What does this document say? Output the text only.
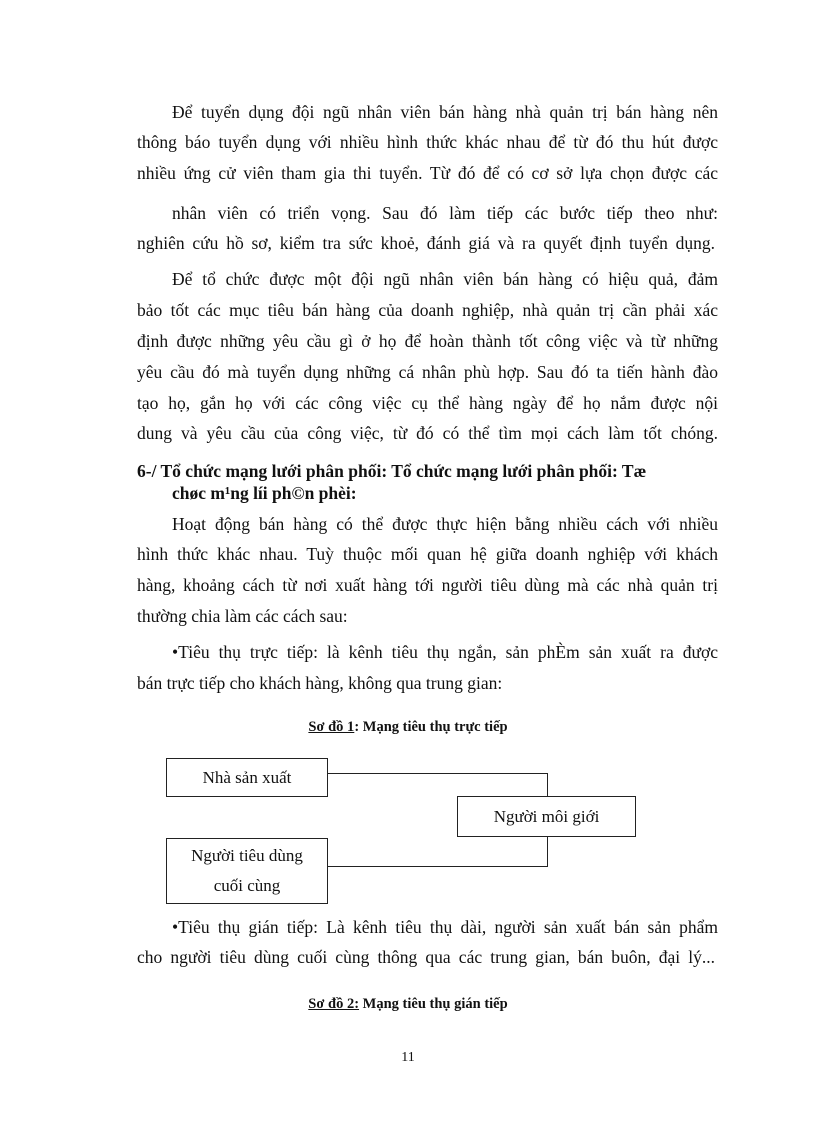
Để tuyển dụng đội ngũ nhân viên bán hàng nhà quản trị bán hàng nên
thông báo tuyển dụng với nhiều hình thức khác nhau để từ đó thu hút được
nhiều ứng cử viên tham gia thi tuyển. Từ đó để có cơ sở lựa chọn được các
nhân viên có triển vọng. Sau đó làm tiếp các bước tiếp theo như:
nghiên cứu hồ sơ, kiểm tra sức khoẻ, đánh giá và ra quyết định tuyển dụng.
Để tổ chức được một đội ngũ nhân viên bán hàng có hiệu quả, đảm
bảo tốt các mục tiêu bán hàng của doanh nghiệp, nhà quản trị cần phải xác
định được những yêu cầu gì ở họ để hoàn thành tốt công việc và từ những
yêu cầu đó mà tuyển dụng những cá nhân phù hợp. Sau đó ta tiến hành đào
tạo họ, gắn họ với các công việc cụ thể hàng ngày để họ nắm được nội
dung và yêu cầu của công việc, từ đó có thể tìm mọi cách làm tốt chóng.
6-/ Tổ chức mạng lưới phân phối: Tổ chức mạng lưới phân phối: Tæ
chøc m¹ng líi ph©n phèi:
Hoạt động bán hàng có thể được thực hiện bằng nhiều cách với nhiều
hình thức khác nhau. Tuỳ thuộc mối quan hệ giữa doanh nghiệp với khách
hàng, khoảng cách từ nơi xuất hàng tới người tiêu dùng mà các nhà quản trị
thường chia làm các cách sau:
•Tiêu thụ trực tiếp: là kênh tiêu thụ ngắn, sản phÈm sản xuất ra được
bán trực tiếp cho khách hàng, không qua trung gian:
Sơ đồ 1: Mạng tiêu thụ trực tiếp
Nhà sản xuất
Người môi giới
Người tiêu dùng
cuối cùng
•Tiêu thụ gián tiếp: Là kênh tiêu thụ dài, người sản xuất bán sản phẩm
cho người tiêu dùng cuối cùng thông qua các trung gian, bán buôn, đại lý...
Sơ đồ 2: Mạng tiêu thụ gián tiếp
11
